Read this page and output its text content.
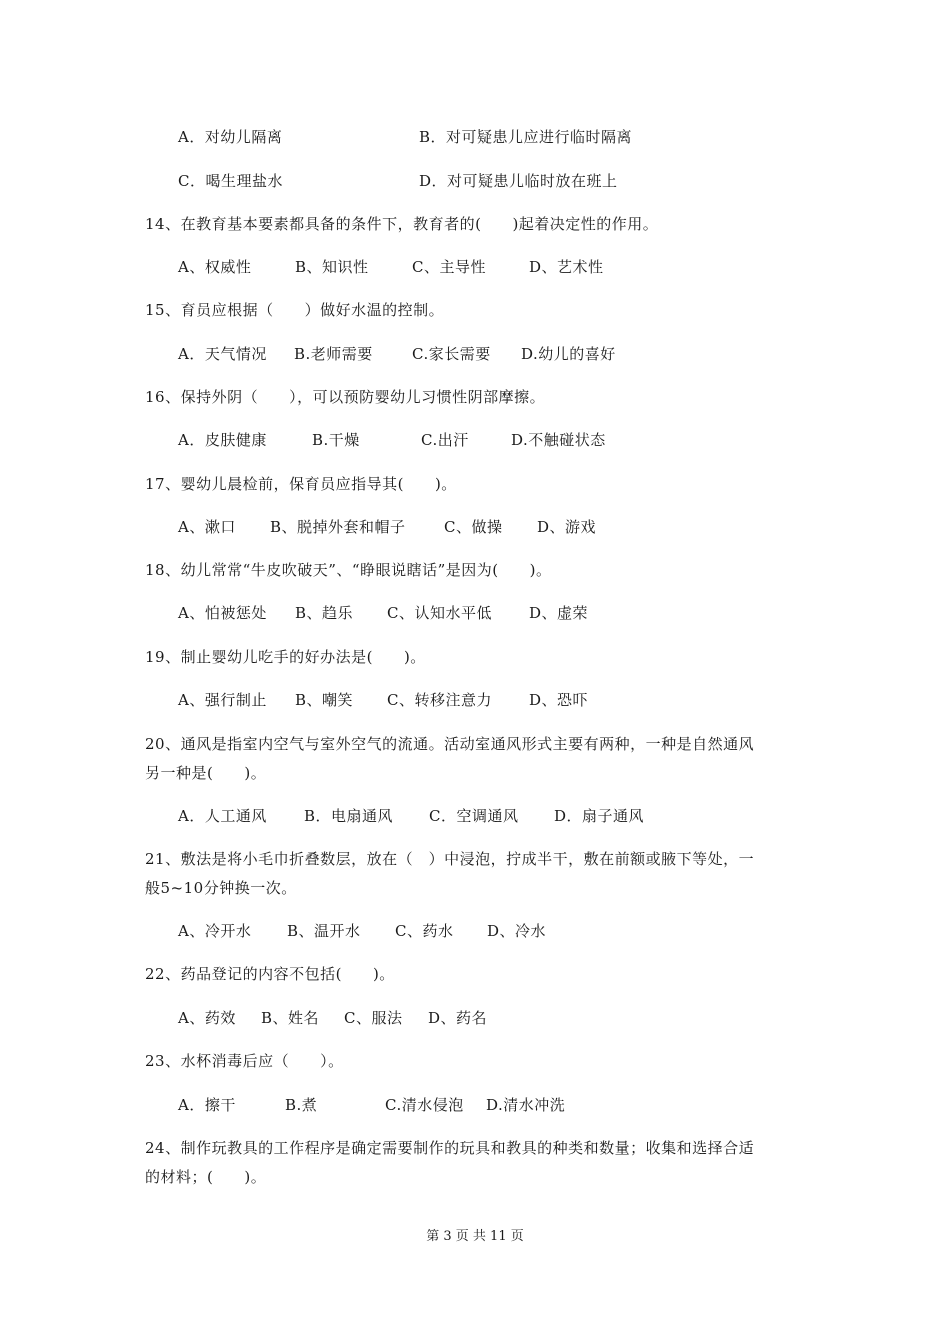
A．对幼儿隔离	B．对可疑患儿应进行临时隔离
C．喝生理盐水	D．对可疑患儿临时放在班上

14、在教育基本要素都具备的条件下，教育者的(　　)起着决定性的作用。

A、权威性	B、知识性	C、主导性	D、艺术性

15、育员应根据（　　）做好水温的控制。

A．天气情况 B.老师需要	C.家长需要 D.幼儿的喜好

16、保持外阴（　　），可以预防婴幼儿习惯性阴部摩擦。

A．皮肤健康	B.干燥	C.出汗	D.不触碰状态

17、婴幼儿晨检前，保育员应指导其(　　)。

A、漱口 B、脱掉外套和帽子	C、做操 D、游戏

18、幼儿常常“牛皮吹破天”、“睁眼说瞎话”是因为(　　)。

A、怕被惩处 B、趋乐 C、认知水平低 D、虚荣

19、制止婴幼儿吃手的好办法是(　　)。

A、强行制止 B、嘲笑 C、转移注意力 D、恐吓

20、通风是指室内空气与室外空气的流通。活动室通风形式主要有两种，一种是自然通风

另一种是(　　)。

A．人工通风 B．电扇通风 C．空调通风 D．扇子通风

21、敷法是将小毛巾折叠数层，放在（　）中浸泡，拧成半干，敷在前额或腋下等处，一

般5~10分钟换一次。

A、冷开水 B、温开水 C、药水 D、冷水

22、药品登记的内容不包括(　　)。

A、药效 B、姓名 C、服法 D、药名

23、水杯消毒后应（　　）。

A．擦干	B.煮	C.清水侵泡 D.清水冲洗

24、制作玩教具的工作程序是确定需要制作的玩具和教具的种类和数量；收集和选择合适

的材料；(　　)。

第 3 页 共 11 页
